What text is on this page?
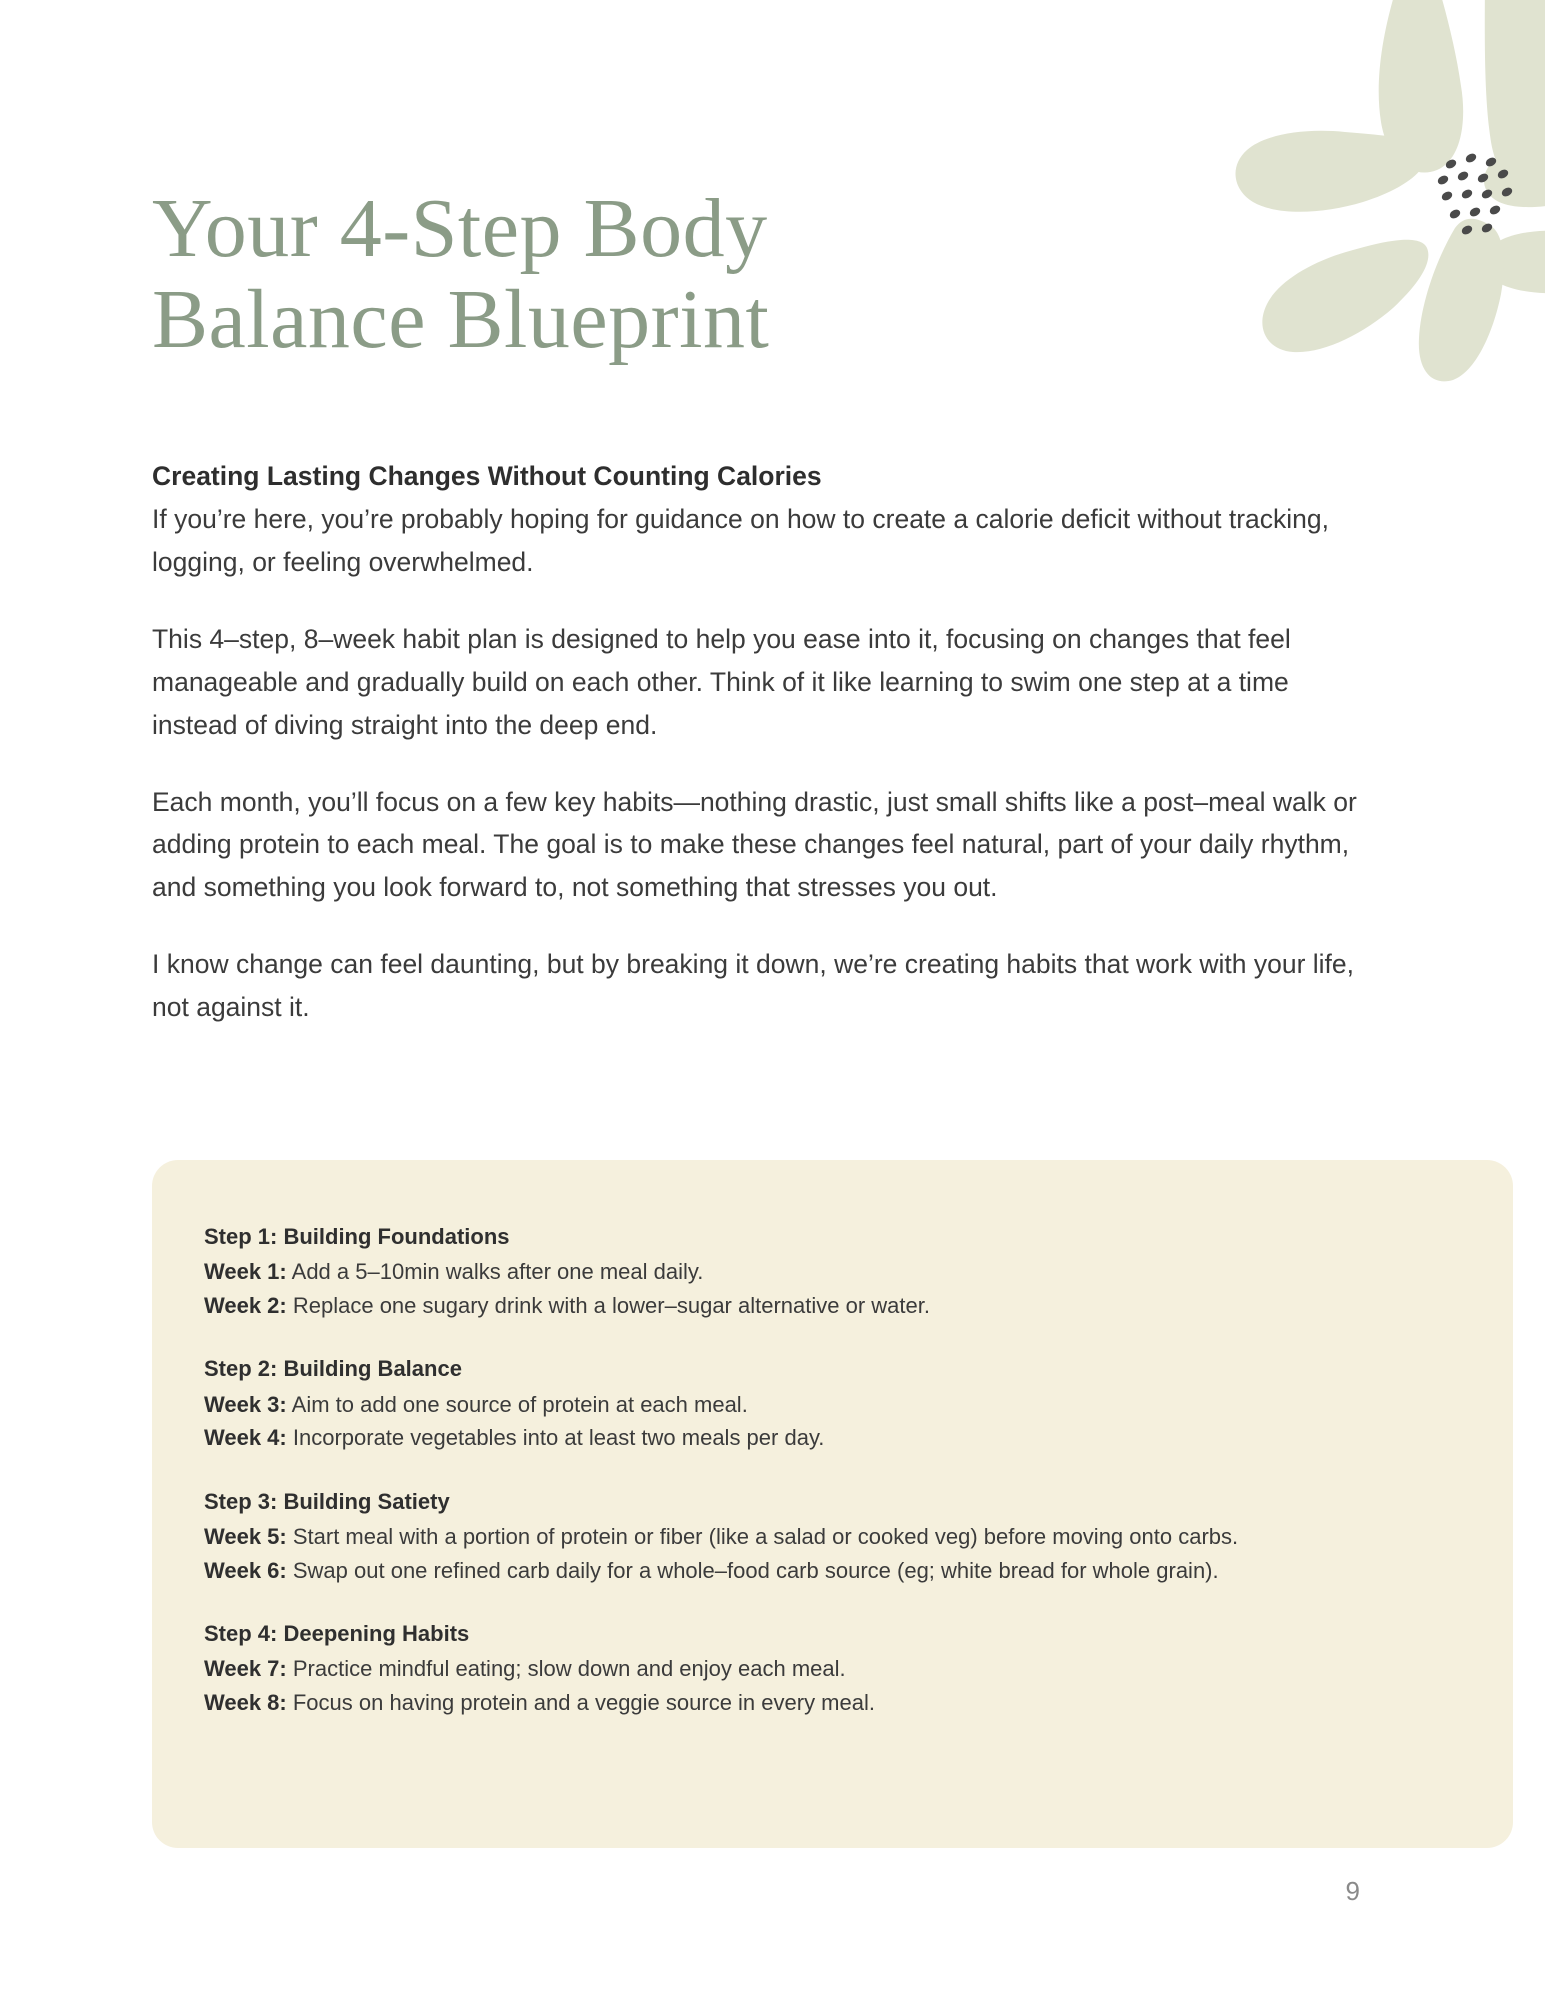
Your 4-Step Body
Balance Blueprint

Creating Lasting Changes Without Counting Calories
If you’re here, you’re probably hoping for guidance on how to create a calorie deficit without tracking, logging, or feeling overwhelmed.

This 4–step, 8–week habit plan is designed to help you ease into it, focusing on changes that feel manageable and gradually build on each other. Think of it like learning to swim one step at a time instead of diving straight into the deep end.

Each month, you’ll focus on a few key habits—nothing drastic, just small shifts like a post–meal walk or adding protein to each meal. The goal is to make these changes feel natural, part of your daily rhythm, and something you look forward to, not something that stresses you out.

I know change can feel daunting, but by breaking it down, we’re creating habits that work with your life, not against it.

Step 1: Building Foundations

Week 1: Add a 5–10min walks after one meal daily.

Week 2: Replace one sugary drink with a lower–sugar alternative or water.

Step 2: Building Balance

Week 3: Aim to add one source of protein at each meal.

Week 4: Incorporate vegetables into at least two meals per day.

Step 3: Building Satiety

Week 5: Start meal with a portion of protein or fiber (like a salad or cooked veg) before moving onto carbs.

Week 6: Swap out one refined carb daily for a whole–food carb source (eg; white bread for whole grain).

Step 4: Deepening Habits

Week 7: Practice mindful eating; slow down and enjoy each meal.

Week 8: Focus on having protein and a veggie source in every meal.

9
